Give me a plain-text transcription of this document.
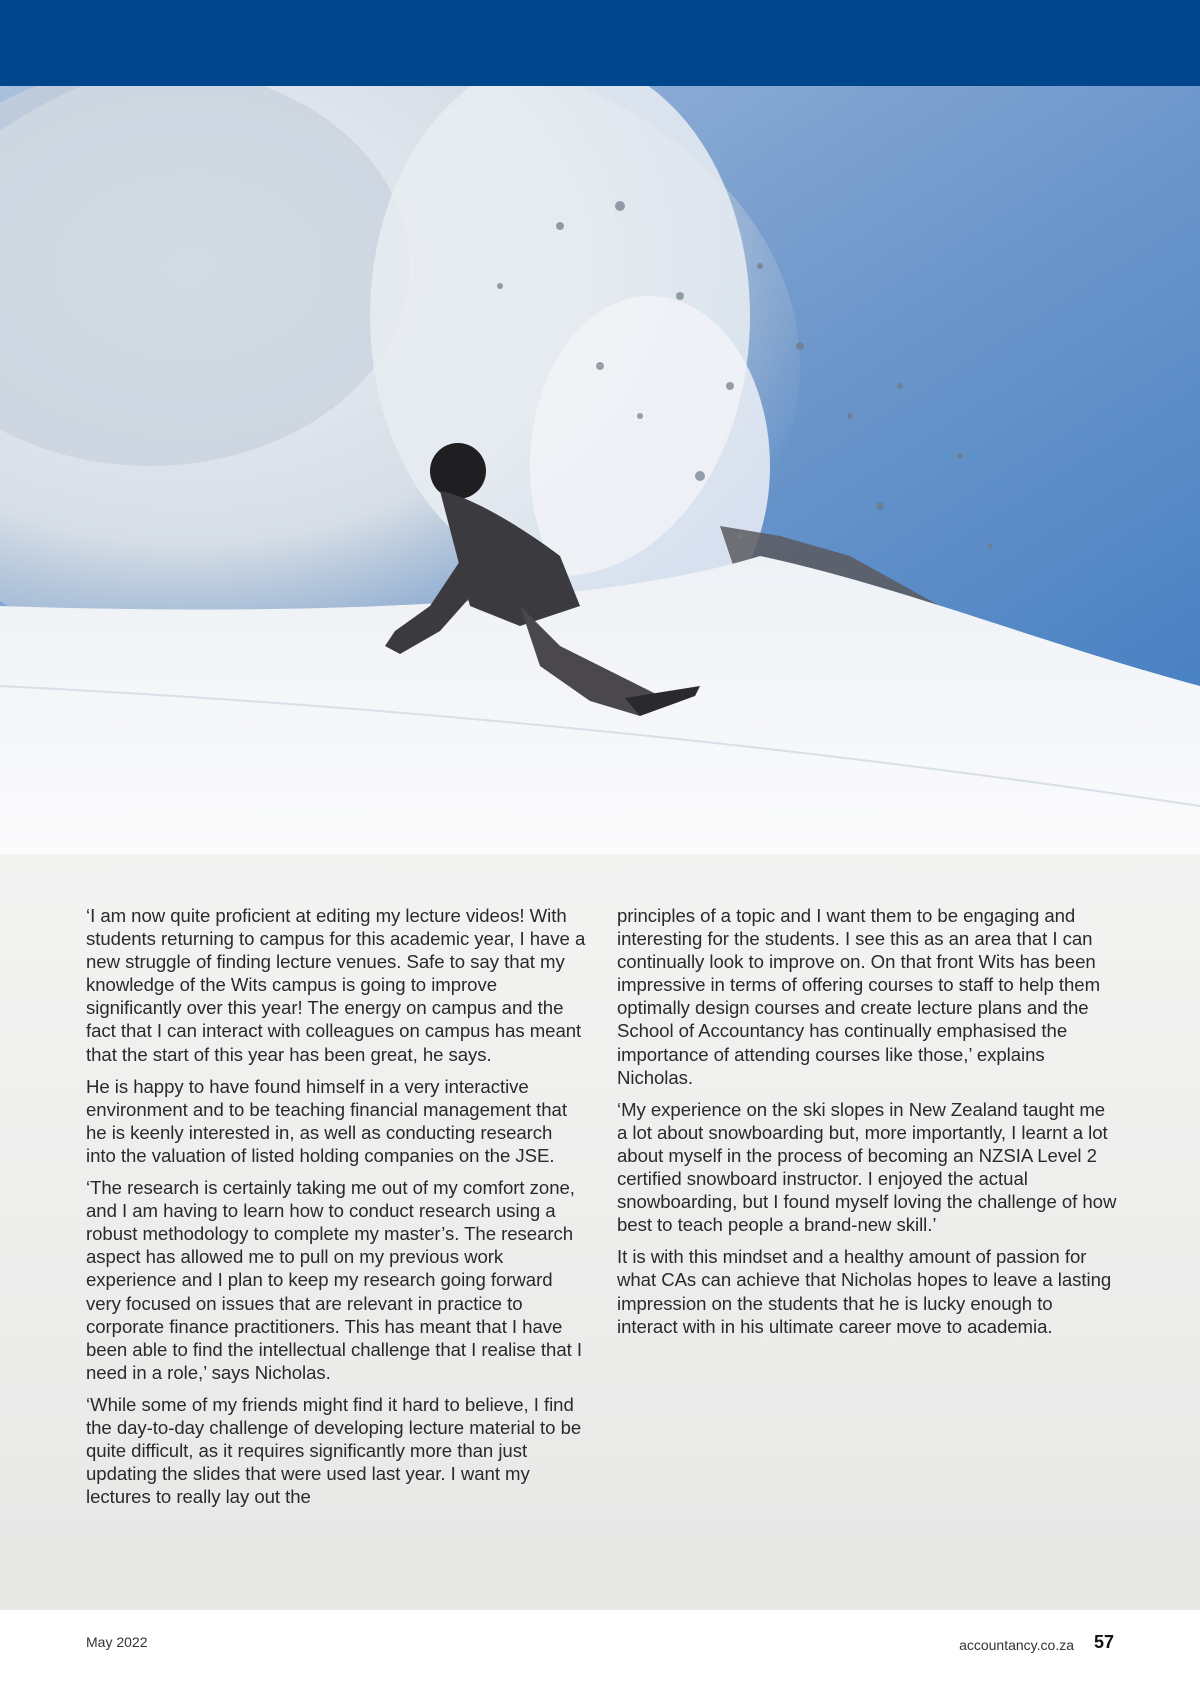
‘I am now quite proficient at editing my lecture videos! With students returning to campus for this academic year, I have a new struggle of finding lecture venues. Safe to say that my knowledge of the Wits campus is going to improve significantly over this year! The energy on campus and the fact that I can interact with colleagues on campus has meant that the start of this year has been great, he says.

He is happy to have found himself in a very interactive environment and to be teaching financial management that he is keenly interested in, as well as conducting research into the valuation of listed holding companies on the JSE.

‘The research is certainly taking me out of my comfort zone, and I am having to learn how to conduct research using a robust methodology to complete my master’s. The research aspect has allowed me to pull on my previous work experience and I plan to keep my research going forward very focused on issues that are relevant in practice to corporate finance practitioners. This has meant that I have been able to find the intellectual challenge that I realise that I need in a role,’ says Nicholas.

‘While some of my friends might find it hard to believe, I find the day-to-day challenge of developing lecture material to be quite difficult, as it requires significantly more than just updating the slides that were used last year. I want my lectures to really lay out the

principles of a topic and I want them to be engaging and interesting for the students. I see this as an area that I can continually look to improve on. On that front Wits has been impressive in terms of offering courses to staff to help them optimally design courses and create lecture plans and the School of Accountancy has continually emphasised the importance of attending courses like those,’ explains Nicholas.

‘My experience on the ski slopes in New Zealand taught me a lot about snowboarding but, more importantly, I learnt a lot about myself in the process of becoming an NZSIA Level 2 certified snowboard instructor. I enjoyed the actual snowboarding, but I found myself loving the challenge of how best to teach people a brand-new skill.’

It is with this mindset and a healthy amount of passion for what CAs can achieve that Nicholas hopes to leave a lasting impression on the students that he is lucky enough to interact with in his ultimate career move to academia.

May 2022	accountancy.co.za 57
